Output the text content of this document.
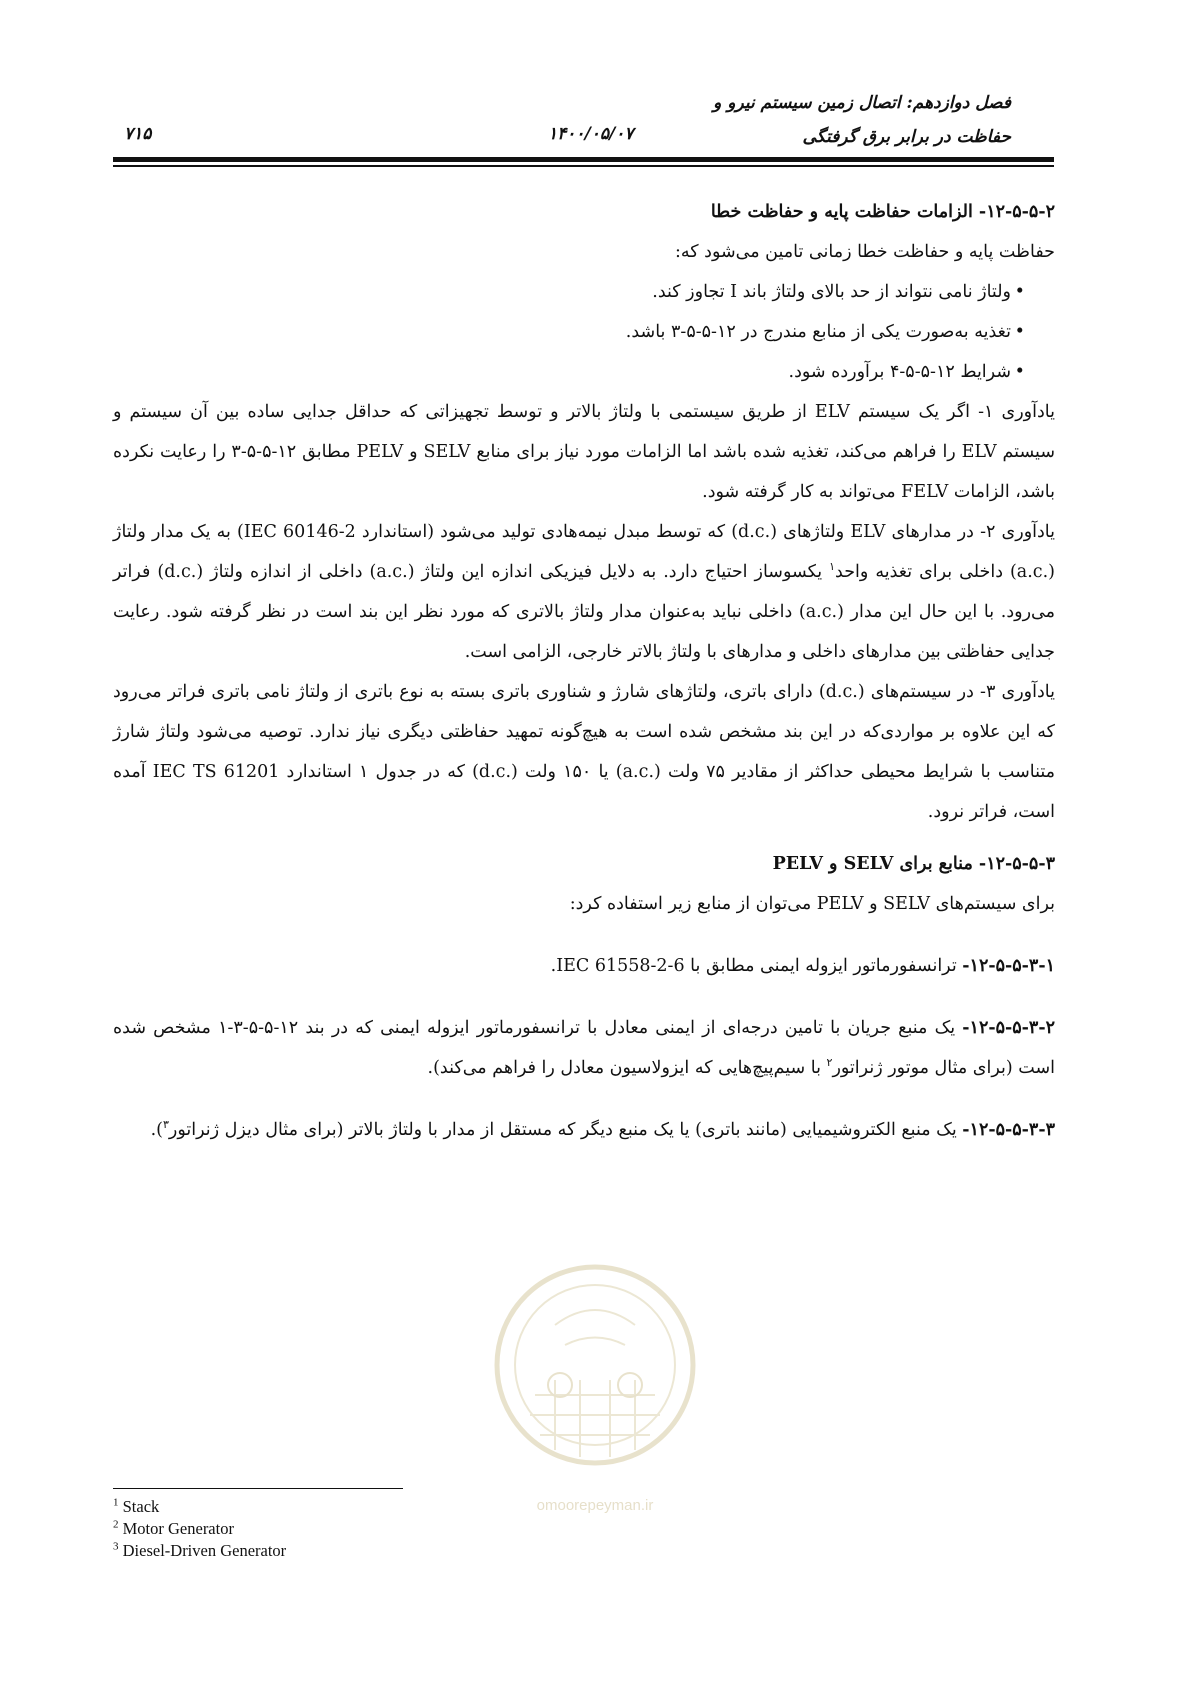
فصل دوازدهم: اتصال زمین سیستم نیرو و
حفاظت در برابر برق گرفتگی
۱۴۰۰/۰۵/۰۷
۷۱۵

۱۲-۵-۵-۲- الزامات حفاظت پایه و حفاظت خطا

حفاظت پایه و حفاظت خطا زمانی تامین می‌شود که:

• ولتاژ نامی نتواند از حد بالای ولتاژ باند I تجاوز کند.
• تغذیه به‌صورت یکی از منابع مندرج در ۱۲-۵-۵-۳ باشد.
• شرایط ۱۲-۵-۵-۴ برآورده شود.

یادآوری ۱- اگر یک سیستم ELV از طریق سیستمی با ولتاژ بالاتر و توسط تجهیزاتی که حداقل جدایی ساده بین آن سیستم و سیستم ELV را فراهم می‌کند، تغذیه شده باشد اما الزامات مورد نیاز برای منابع SELV و PELV مطابق ۱۲-۵-۵-۳ را رعایت نکرده باشد، الزامات FELV می‌تواند به کار گرفته شود.

یادآوری ۲- در مدارهای ELV ولتاژهای (.d.c) که توسط مبدل نیمه‌هادی تولید می‌شود (استاندارد IEC 60146-2) به یک مدار ولتاژ (.a.c) داخلی برای تغذیه واحد$^۱$ یکسوساز احتیاج دارد. به دلایل فیزیکی اندازه این ولتاژ (.a.c) داخلی از اندازه ولتاژ (.d.c) فراتر می‌رود. با این حال این مدار (.a.c) داخلی نباید به‌عنوان مدار ولتاژ بالاتری که مورد نظر این بند است در نظر گرفته شود. رعایت جدایی حفاظتی بین مدارهای داخلی و مدارهای با ولتاژ بالاتر خارجی، الزامی است.

یادآوری ۳- در سیستم‌های (.d.c) دارای باتری، ولتاژهای شارژ و شناوری باتری بسته به نوع باتری از ولتاژ نامی باتری فراتر می‌رود که این علاوه بر مواردی‌که در این بند مشخص شده است به هیچ‌گونه تمهید حفاظتی دیگری نیاز ندارد. توصیه می‌شود ولتاژ شارژ متناسب با شرایط محیطی حداکثر از مقادیر ۷۵ ولت (.a.c) یا ۱۵۰ ولت (.d.c) که در جدول ۱ استاندارد IEC TS 61201 آمده است، فراتر نرود.

۱۲-۵-۵-۳- منابع برای SELV و PELV

برای سیستم‌های SELV و PELV می‌توان از منابع زیر استفاده کرد:

۱۲-۵-۵-۳-۱- ترانسفورماتور ایزوله ایمنی مطابق با IEC 61558-2-6.

۱۲-۵-۵-۳-۲- یک منبع جریان با تامین درجه‌ای از ایمنی معادل با ترانسفورماتور ایزوله ایمنی که در بند ۱۲-۵-۵-۳-۱ مشخص شده است (برای مثال موتور ژنراتور$^۲$ با سیم‌پیچ‌هایی که ایزولاسیون معادل را فراهم می‌کند).

۱۲-۵-۵-۳-۳- یک منبع الکتروشیمیایی (مانند باتری) یا یک منبع دیگر که مستقل از مدار با ولتاژ بالاتر (برای مثال دیزل ژنراتور$^۳$).

omoorepeyman.ir
$^1$ Stack
$^2$ Motor Generator
$^3$ Diesel-Driven Generator
